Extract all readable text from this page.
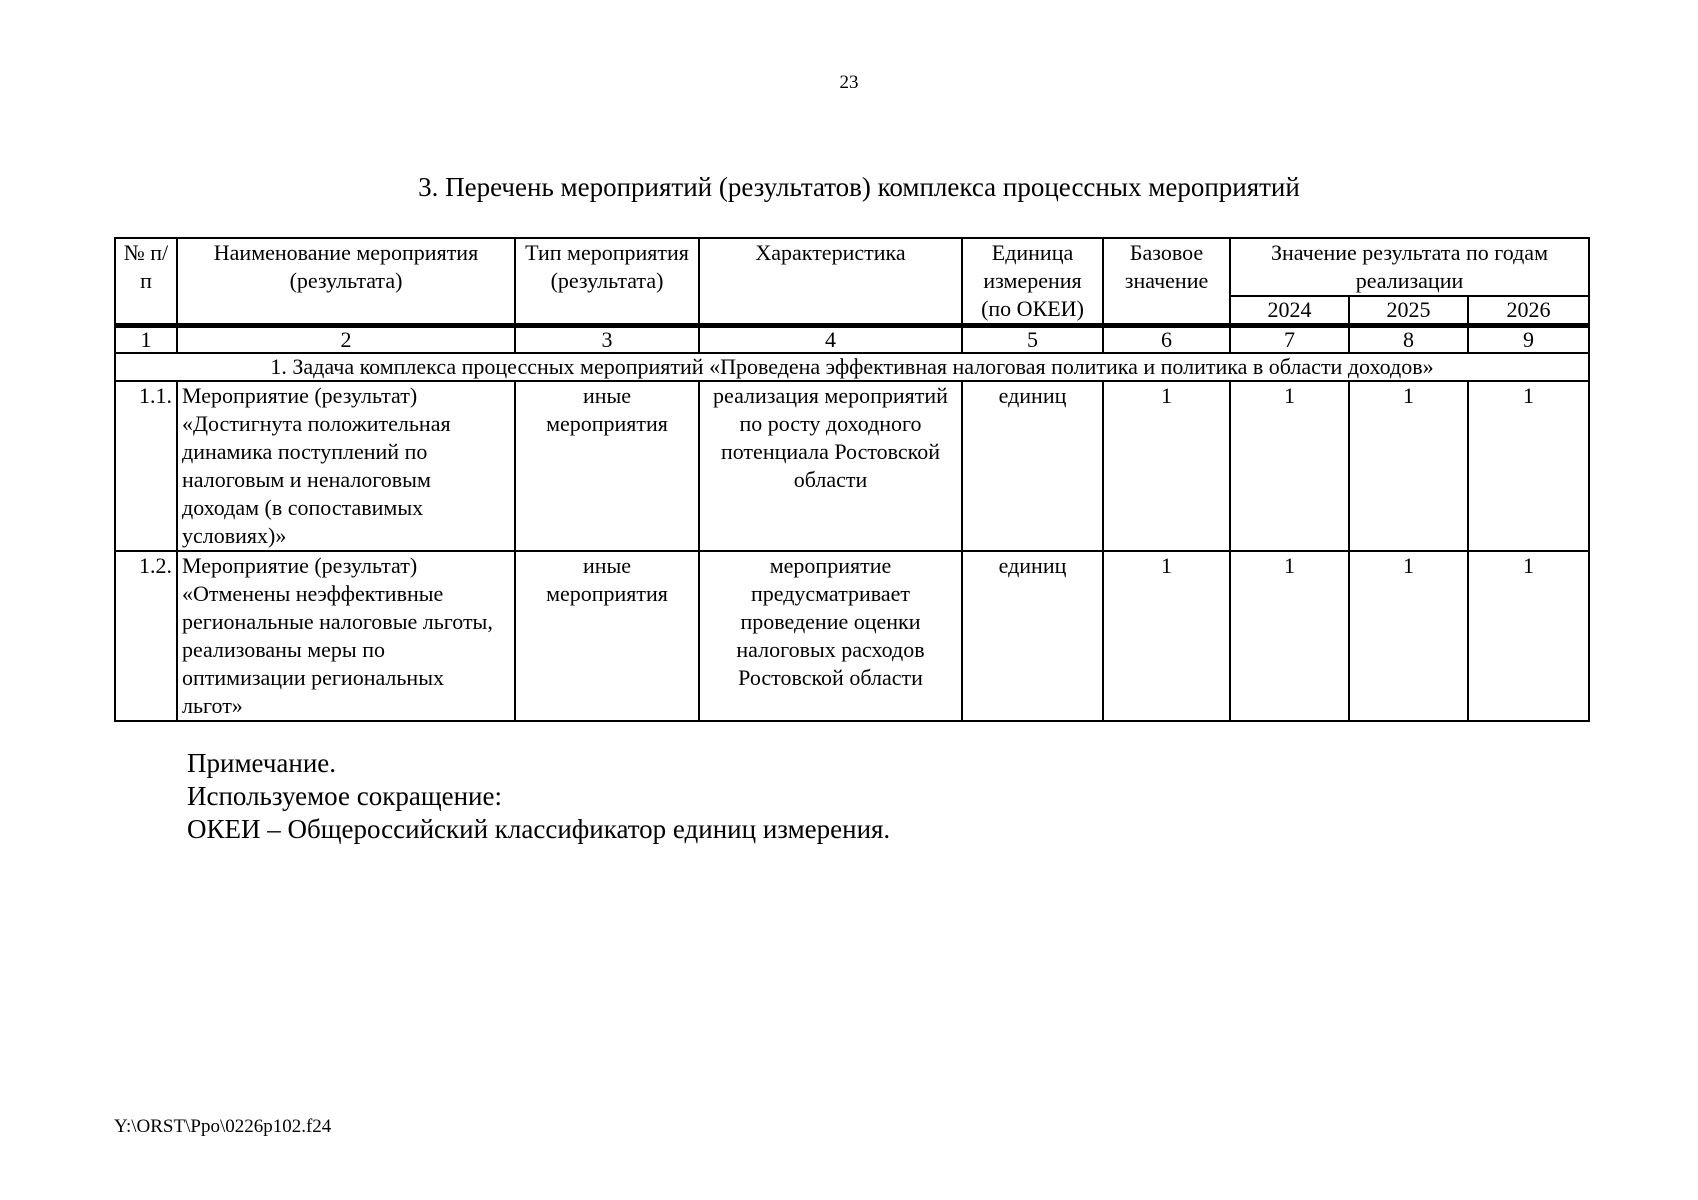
23
3. Перечень мероприятий (результатов) комплекса процессных мероприятий
№ п/п	Наименование мероприятия (результата)	Тип мероприятия (результата)	Характеристика	Единица измерения (по ОКЕИ)	Базовое значение	Значение результата по годам реализации		
						2024	2025	2026
1	2	3	4	5	6	7	8	9
1. Задача комплекса процессных мероприятий «Проведена эффективная налоговая политика и политика в области доходов»								
1.1.	Мероприятие (результат) «Достигнута положительная динамика поступлений по налоговым и неналоговым доходам (в сопоставимых условиях)»	иные мероприятия	реализация мероприятий по росту доходного потенциала Ростовской области	единиц	1	1	1	1
1.2.	Мероприятие (результат) «Отменены неэффективные региональные налоговые льготы, реализованы меры по оптимизации региональных льгот»	иные мероприятия	мероприятие предусматривает проведение оценки налоговых расходов Ростовской области	единиц	1	1	1	1
Примечание.
Используемое сокращение:
ОКЕИ – Общероссийский классификатор единиц измерения.
Y:\ORST\Ppo\0226p102.f24
